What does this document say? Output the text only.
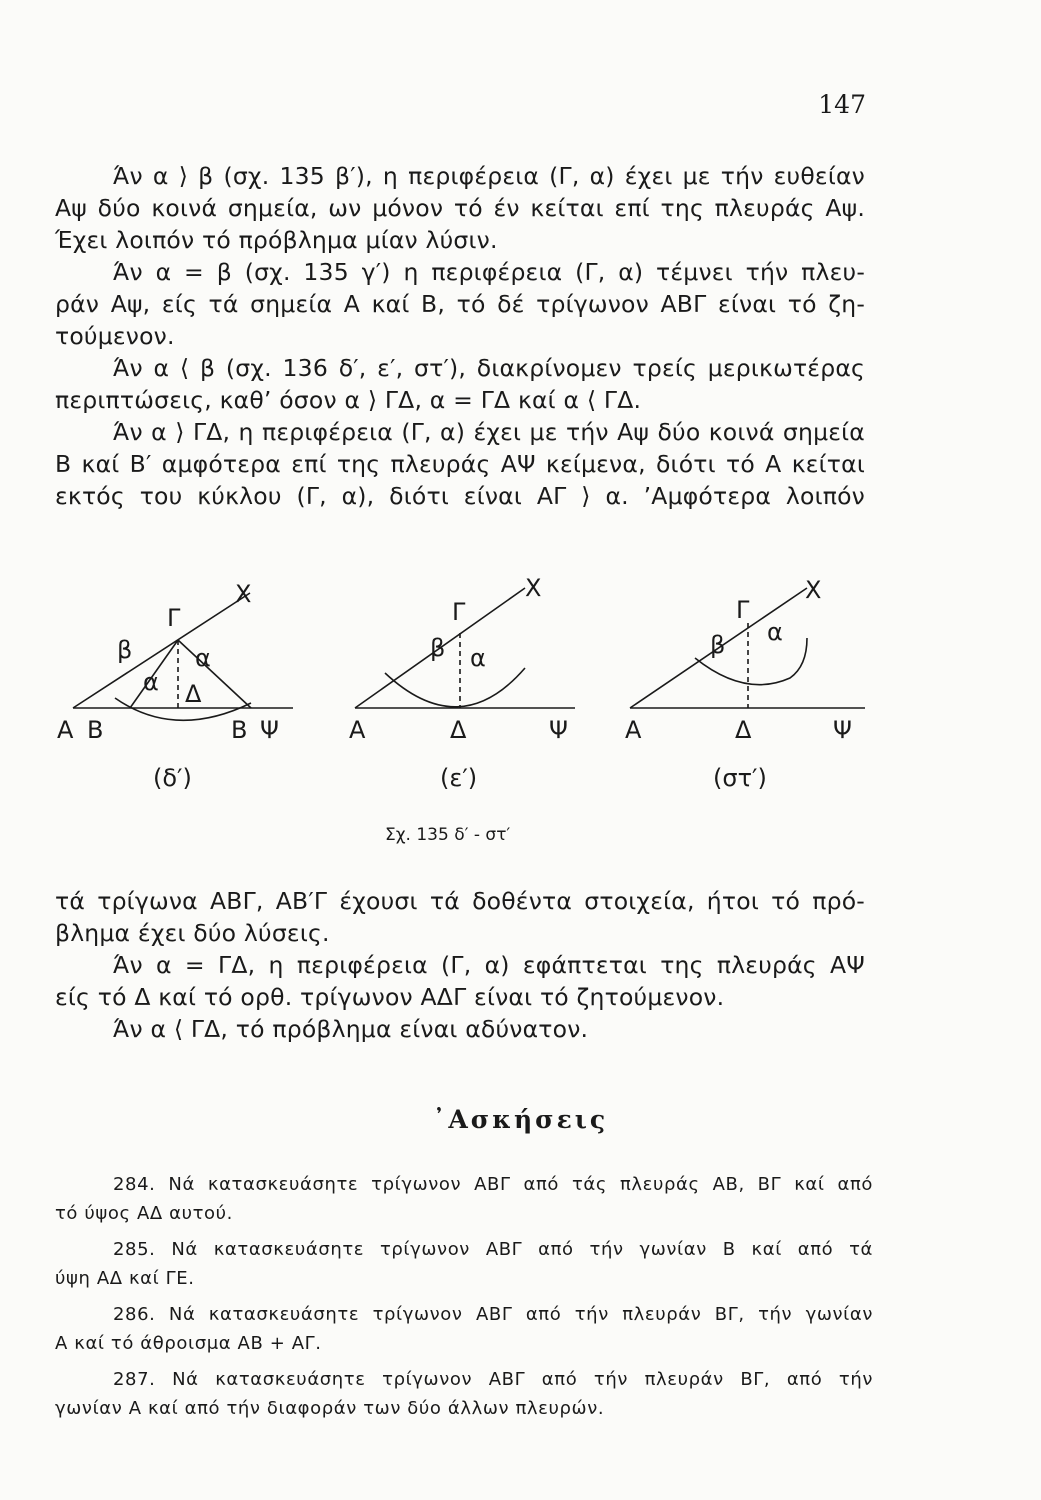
147

Άν α ⟩ β (σχ. 135 β′), η περιφέρεια (Γ, α) έχει με τήν ευθείαν

Αψ δύο κοινά σημεία, ων μόνον τό έν κείται επί της πλευράς Αψ.

Έχει λοιπόν τό πρόβλημα μίαν λύσιν.

Άν α = β (σχ. 135 γ′) η περιφέρεια (Γ, α) τέμνει τήν πλευ-

ράν Αψ, είς τά σημεία Α καί Β, τό δέ τρίγωνον ΑΒΓ είναι τό ζη-

τούμενον.

Άν α ⟨ β (σχ. 136 δ′, ε′, στ′), διακρίνομεν τρείς μερικωτέρας

περιπτώσεις, καθ’ όσον α ⟩ ΓΔ, α = ΓΔ καί α ⟨ ΓΔ.

Άν α ⟩ ΓΔ, η περιφέρεια (Γ, α) έχει με τήν Αψ δύο κοινά σημεία

Β καί Β′ αμφότερα επί της πλευράς ΑΨ κείμενα, διότι τό Α κείται

εκτός του κύκλου (Γ, α), διότι είναι ΑΓ ⟩ α. ’Αμφότερα λοιπόν

Α Β	Β Ψ
Γ
Δ
Χ
β	α
α
(δ′)
Α	Δ	Ψ
Γ
Χ
β α
(ε′)
Α	Δ	Ψ
Γ
Χ
β α
(στ′)
Σχ. 135 δ′ - στ′

τά τρίγωνα ΑΒΓ, ΑΒ′Γ έχουσι τά δοθέντα στοιχεία, ήτοι τό πρό-

βλημα έχει δύο λύσεις.

Άν α = ΓΔ, η περιφέρεια (Γ, α) εφάπτεται της πλευράς ΑΨ

είς τό Δ καί τό ορθ. τρίγωνον ΑΔΓ είναι τό ζητούμενον.

Άν α ⟨ ΓΔ, τό πρόβλημα είναι αδύνατον.

᾿Ασκήσεις
284. Νά κατασκευάσητε τρίγωνον ΑΒΓ από τάς πλευράς ΑΒ, ΒΓ καί από
τό ύψος ΑΔ αυτού.
285. Νά κατασκευάσητε τρίγωνον ΑΒΓ από τήν γωνίαν Β καί από τά
ύψη ΑΔ καί ΓΕ.
286. Νά κατασκευάσητε τρίγωνον ΑΒΓ από τήν πλευράν ΒΓ, τήν γωνίαν
Α καί τό άθροισμα ΑΒ + ΑΓ.
287. Νά κατασκευάσητε τρίγωνον ΑΒΓ από τήν πλευράν ΒΓ, από τήν
γωνίαν Α καί από τήν διαφοράν των δύο άλλων πλευρών.
